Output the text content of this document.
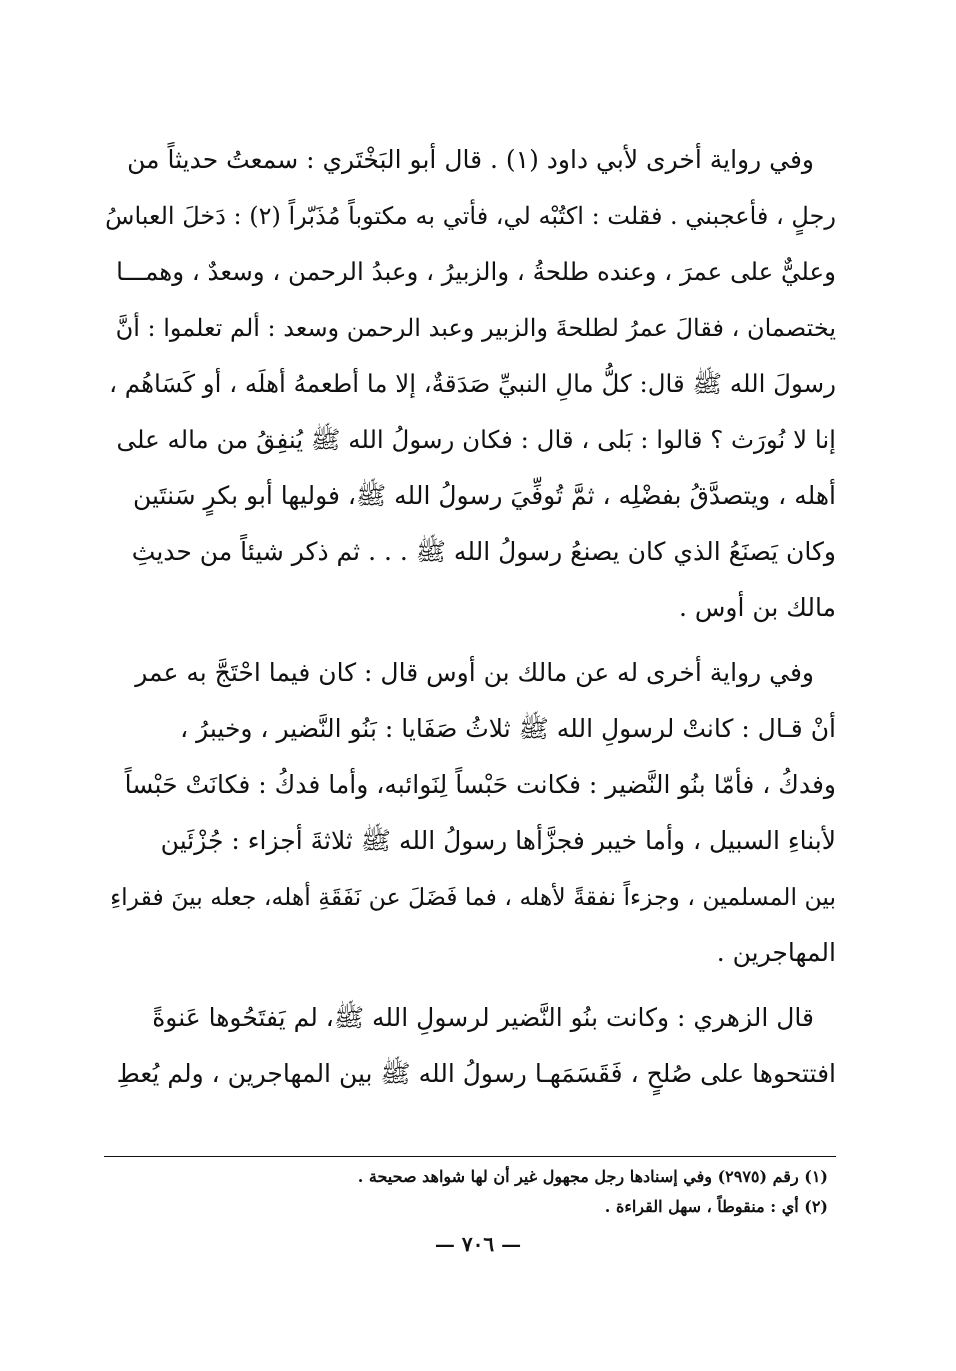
وفي رواية أخرى لأبي داود (١) . قال أبو البَخْتَري : سمعتُ حديثاً من
رجلٍ ، فأعجبني . فقلت : اكتُبْه لي، فأتي به مكتوباً مُذَبّراً (٢) : دَخلَ العباسُ
وعليٌّ على عمرَ ، وعنده طلحةُ ، والزبيرُ ، وعبدُ الرحمن ، وسعدٌ ، وهمـــا
يختصمان ، فقالَ عمرُ لطلحةَ والزبير وعبد الرحمن وسعد : ألم تعلموا : أنَّ
رسولَ الله ﷺ قال: كلُّ مالِ النبيِّ صَدَقةٌ، إلا ما أطعمهُ أهلَه ، أو كَسَاهُم ،
إنا لا نُورَث ؟ قالوا : بَلى ، قال : فكان رسولُ الله ﷺ يُنفِقُ من ماله على
أهله ، ويتصدَّقُ بفضْلِه ، ثمَّ تُوفِّيَ رسولُ الله ﷺ، فوليها أبو بكرٍ سَنتَين
وكان يَصنَعُ الذي كان يصنعُ رسولُ الله ﷺ . . . ثم ذكر شيئاً من حديثِ
مالك بن أوس .
وفي رواية أخرى له عن مالك بن أوس قال : كان فيما احْتَجَّ به عمر
أنْ قـال : كانتْ لرسولِ الله ﷺ ثلاثُ صَفَايا : بَنُو النَّضير ، وخيبرُ ،
وفدكُ ، فأمّا بنُو النَّضير : فكانت حَبْساً لِنَوائبه، وأما فدكُ : فكانَتْ حَبْساً
لأبناءِ السبيل ، وأما خيبر فجزَّأها رسولُ الله ﷺ ثلاثةَ أجزاء : جُزْئَين
بين المسلمين ، وجزءاً نفقةً لأهله ، فما فَضَلَ عن نَفَقَةِ أهله، جعله بينَ فقراءِ
المهاجرين .
قال الزهري : وكانت بنُو النَّضير لرسولِ الله ﷺ، لم يَفتَحُوها عَنوةً
افتتحوها على صُلحٍ ، فَقَسَمَهـا رسولُ الله ﷺ بين المهاجرين ، ولم يُعطِ
(١) رقم (٢٩٧٥) وفي إسنادها رجل مجهول غير أن لها شواهد صحيحة .
(٢) أي : منقوطاً ، سهل القراءة .
— ٧٠٦ —
